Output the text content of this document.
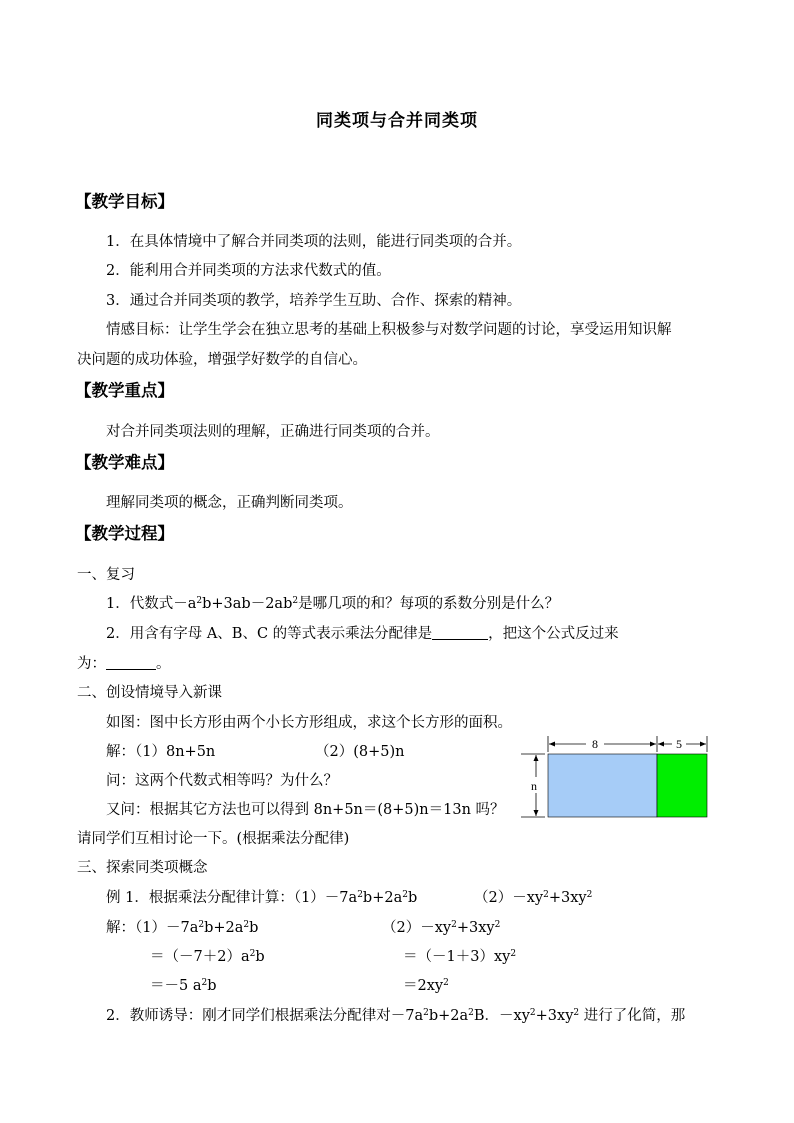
同类项与合并同类项
【教学目标】
1．在具体情境中了解合并同类项的法则，能进行同类项的合并。
2．能利用合并同类项的方法求代数式的值。
3．通过合并同类项的教学，培养学生互助、合作、探索的精神。
情感目标：让学生学会在独立思考的基础上积极参与对数学问题的讨论，享受运用知识解
决问题的成功体验，增强学好数学的自信心。
【教学重点】
对合并同类项法则的理解，正确进行同类项的合并。
【教学难点】
理解同类项的概念，正确判断同类项。
【教学过程】
一、复习
1．代数式$-a^2b+3ab-2ab^2$是哪几项的和？每项的系数分别是什么？
2．用含有字母 A、B、C 的等式表示乘法分配律是	，把这个公式反过来
为：	。
二、创设情境导入新课
如图：图中长方形由两个小长方形组成，求这个长方形的面积。
解：（1）8n+5n	（2）(8+5)n
问：这两个代数式相等吗？为什么？
又问：根据其它方法也可以得到 8n+5n＝(8+5)n＝13n 吗？
请同学们互相讨论一下。(根据乘法分配律)
8	5
n
三、探索同类项概念
例 1．根据乘法分配律计算：$(1)-7a^2b+2a^2b$	$(2)-xy^2+3xy^2$
解：$(1)-7a^2b+2a^2b$	$(2)-xy^2+3xy^2$
$=(-7+2)a^2b$	$=(-1+3)xy^2$
＝－5 $a^2b$	$=2xy^2$
2．教师诱导：刚才同学们根据乘法分配律对$-7a^2b+2a^2B$．$-xy^2+3xy^2$ 进行了化简，那
